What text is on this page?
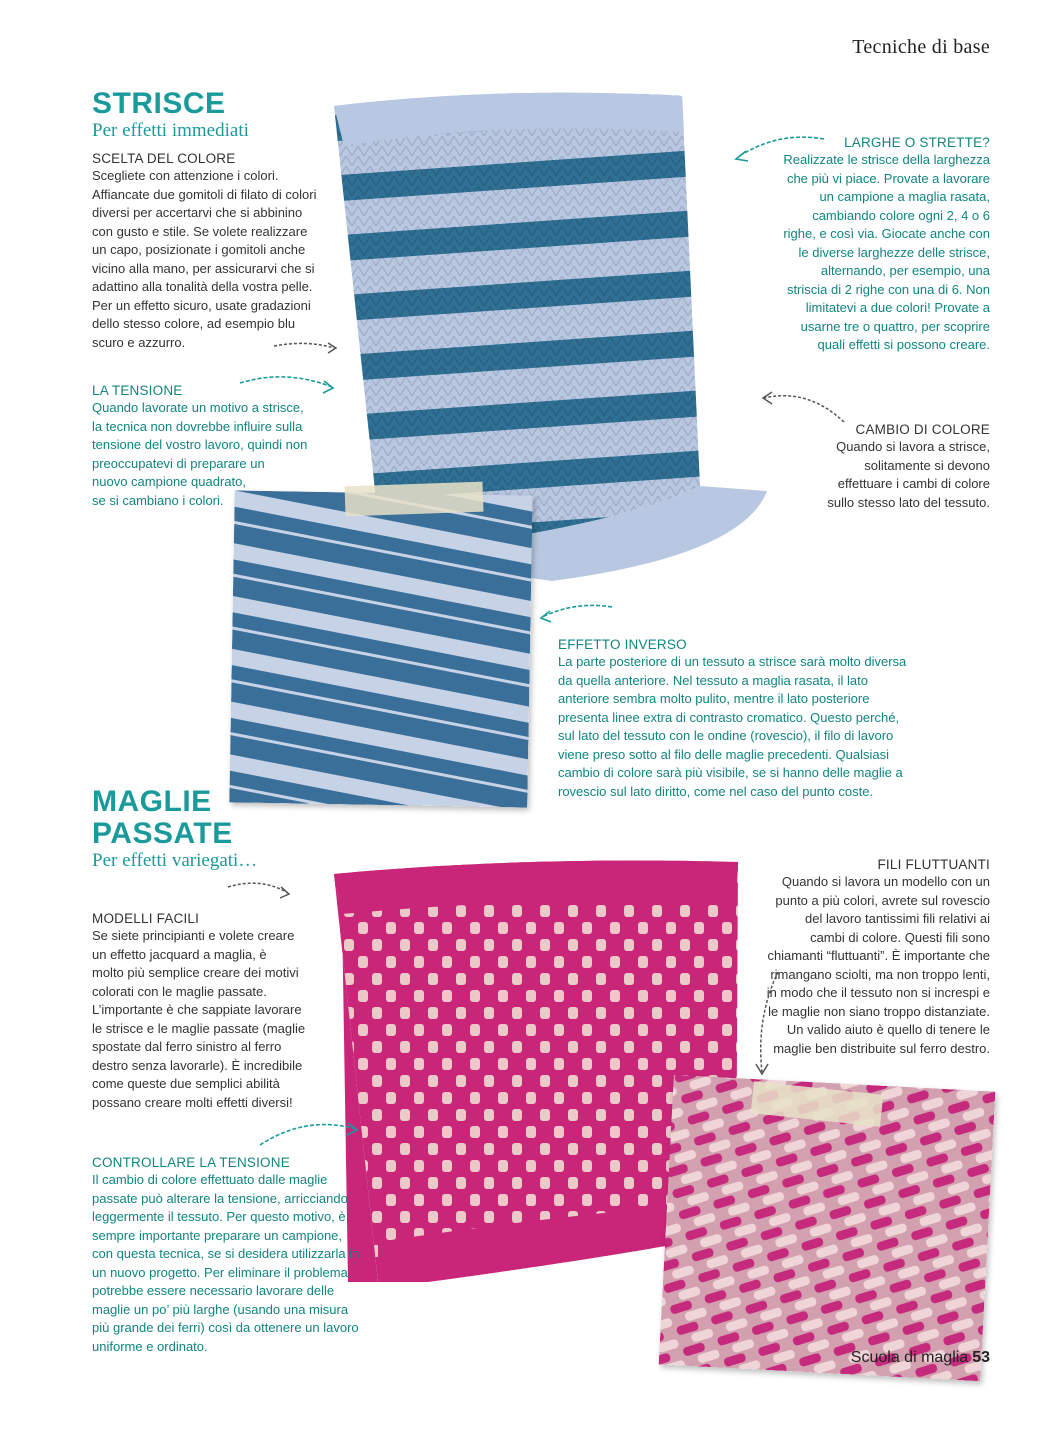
Tecniche di base
STRISCE
Per effetti immediati
SCELTA DEL COLORE
Scegliete con attenzione i colori.
Affiancate due gomitoli di filato di colori
diversi per accertarvi che si abbinino
con gusto e stile. Se volete realizzare
un capo, posizionate i gomitoli anche
vicino alla mano, per assicurarvi che si
adattino alla tonalità della vostra pelle.
Per un effetto sicuro, usate gradazioni
dello stesso colore, ad esempio blu
scuro e azzurro.
LA TENSIONE
Quando lavorate un motivo a strisce,
la tecnica non dovrebbe influire sulla
tensione del vostro lavoro, quindi non
preoccupatevi di preparare un
nuovo campione quadrato,
se si cambiano i colori.
LARGHE O STRETTE?
Realizzate le strisce della larghezza
che più vi piace. Provate a lavorare
un campione a maglia rasata,
cambiando colore ogni 2, 4 o 6
righe, e così via. Giocate anche con
le diverse larghezze delle strisce,
alternando, per esempio, una
striscia di 2 righe con una di 6. Non
limitatevi a due colori! Provate a
usarne tre o quattro, per scoprire
quali effetti si possono creare.
CAMBIO DI COLORE
Quando si lavora a strisce,
solitamente si devono
effettuare i cambi di colore
sullo stesso lato del tessuto.
EFFETTO INVERSO
La parte posteriore di un tessuto a strisce sarà molto diversa
da quella anteriore. Nel tessuto a maglia rasata, il lato
anteriore sembra molto pulito, mentre il lato posteriore
presenta linee extra di contrasto cromatico. Questo perché,
sul lato del tessuto con le ondine (rovescio), il filo di lavoro
viene preso sotto al filo delle maglie precedenti. Qualsiasi
cambio di colore sarà più visibile, se si hanno delle maglie a
rovescio sul lato diritto, come nel caso del punto coste.
MAGLIE
PASSATE
Per effetti variegati…
MODELLI FACILI
Se siete principianti e volete creare
un effetto jacquard a maglia, è
molto più semplice creare dei motivi
colorati con le maglie passate.
L’importante è che sappiate lavorare
le strisce e le maglie passate (maglie
spostate dal ferro sinistro al ferro
destro senza lavorarle). È incredibile
come queste due semplici abilità
possano creare molti effetti diversi!
CONTROLLARE LA TENSIONE
Il cambio di colore effettuato dalle maglie
passate può alterare la tensione, arricciando
leggermente il tessuto. Per questo motivo, è
sempre importante preparare un campione,
con questa tecnica, se si desidera utilizzarla in
un nuovo progetto. Per eliminare il problema,
potrebbe essere necessario lavorare delle
maglie un po’ più larghe (usando una misura
più grande dei ferri) così da ottenere un lavoro
uniforme e ordinato.
FILI FLUTTUANTI
Quando si lavora un modello con un
punto a più colori, avrete sul rovescio
del lavoro tantissimi fili relativi ai
cambi di colore. Questi fili sono
chiamanti “fluttuanti”. È importante che
rimangano sciolti, ma non troppo lenti,
in modo che il tessuto non si increspi e
le maglie non siano troppo distanziate.
Un valido aiuto è quello di tenere le
maglie ben distribuite sul ferro destro.
Scuola di maglia 53
